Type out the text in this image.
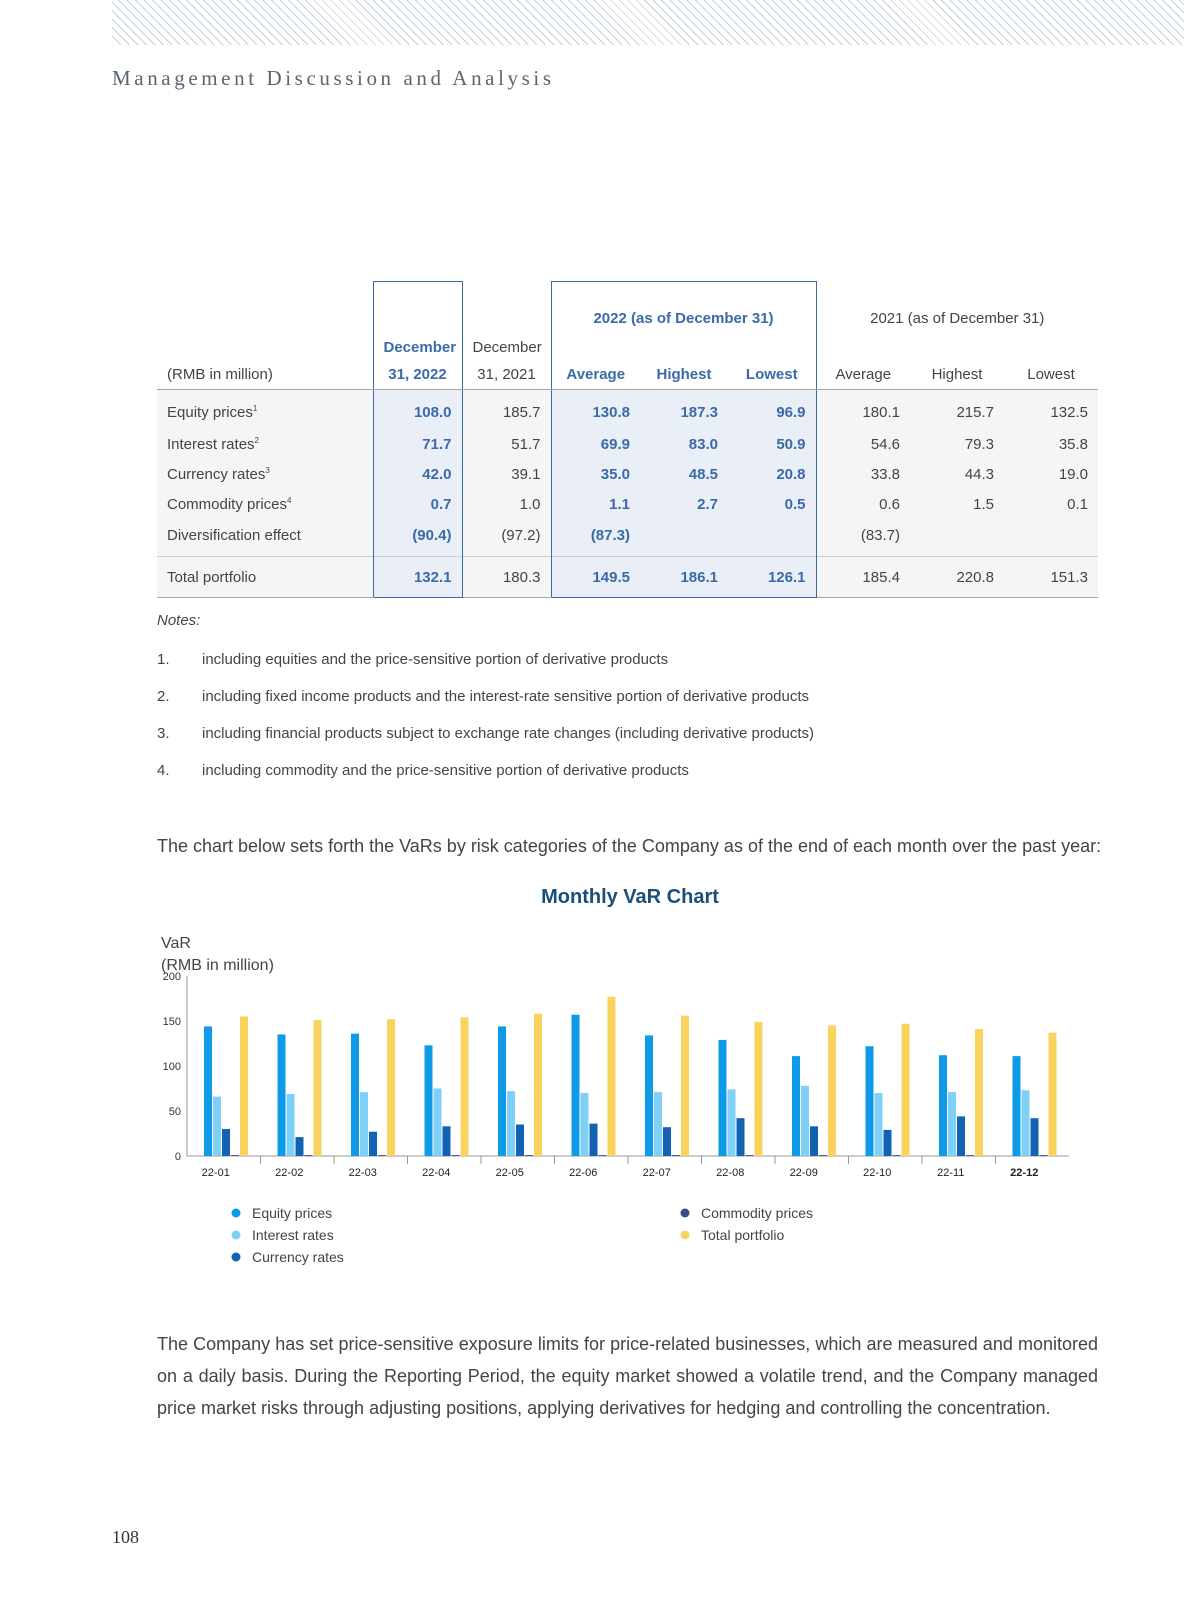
Management Discussion and Analysis
			2022 (as of December 31)			2021 (as of December 31)		
	December	December						
(RMB in million)	31, 2022	31, 2021	Average	Highest	Lowest	Average	Highest	Lowest
Equity prices$^1$	108.0	185.7	130.8	187.3	96.9	180.1	215.7	132.5
Interest rates$^2$	71.7	51.7	69.9	83.0	50.9	54.6	79.3	35.8
Currency rates$^3$	42.0	39.1	35.0	48.5	20.8	33.8	44.3	19.0
Commodity prices$^4$	0.7	1.0	1.1	2.7	0.5	0.6	1.5	0.1
Diversification effect	(90.4)	(97.2)	(87.3)			(83.7)		
Total portfolio	132.1	180.3	149.5	186.1	126.1	185.4	220.8	151.3
Notes:
1. including equities and the price-sensitive portion of derivative products
2. including fixed income products and the interest-rate sensitive portion of derivative products
3. including financial products subject to exchange rate changes (including derivative products)
4. including commodity and the price-sensitive portion of derivative products
The chart below sets forth the VaRs by risk categories of the Company as of the end of each month over the past year:
Monthly VaR Chart
VaR
(RMB in million)
0
50
100
150
200
22-01	22-02	22-03	22-04	22-05	22-06	22-07	22-08	22-09	22-10	22-11	22-12
Equity prices
Interest rates
Currency rates
Commodity prices
Total portfolio
The Company has set price-sensitive exposure limits for price-related businesses, which are measured and monitored on a daily basis. During the Reporting Period, the equity market showed a volatile trend, and the Company managed price market risks through adjusting positions, applying derivatives for hedging and controlling the concentration.
108
